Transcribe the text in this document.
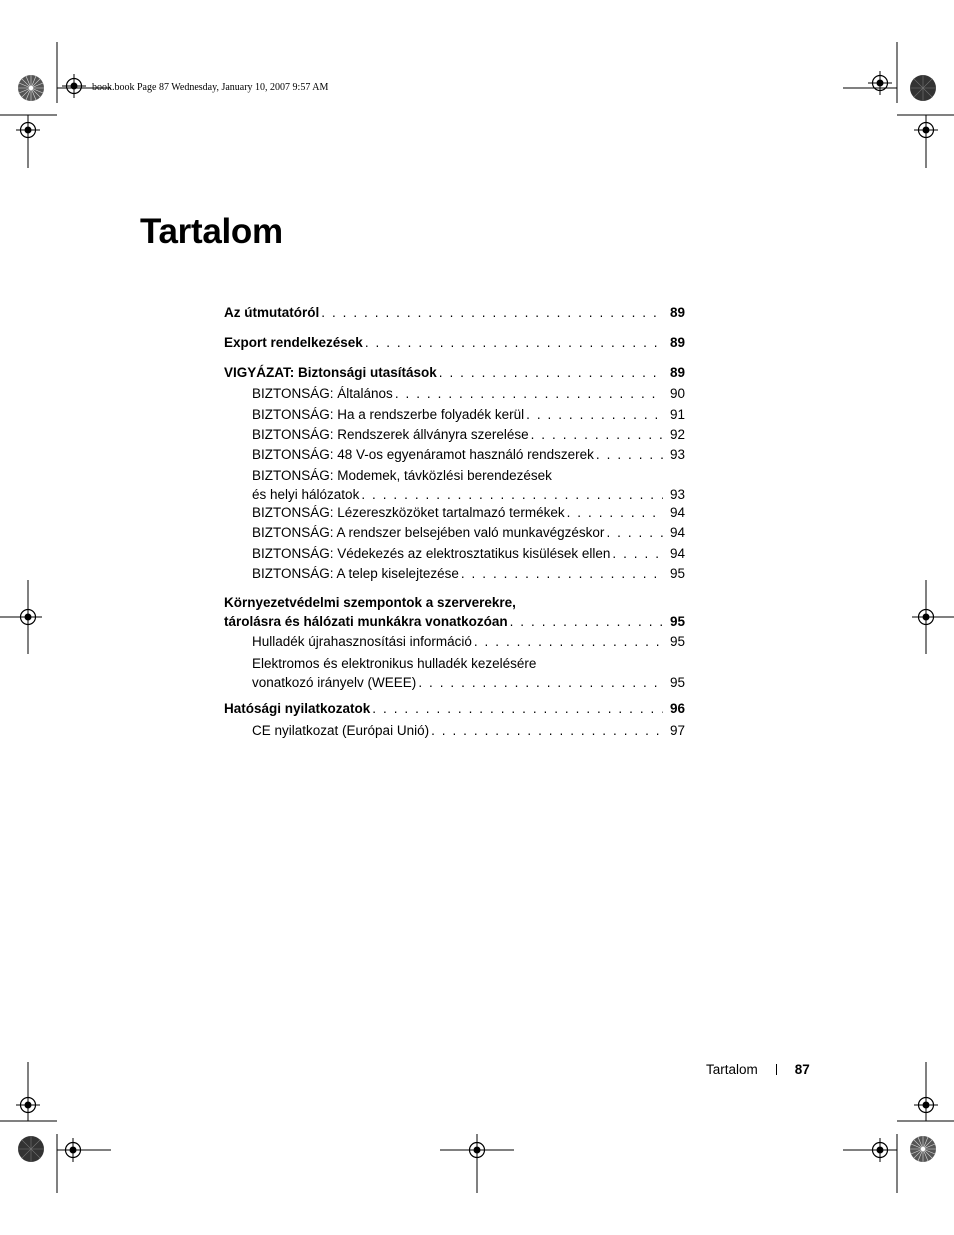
book.book Page 87 Wednesday, January 10, 2007 9:57 AM
Tartalom
Az útmutatóról . . .	89
Export rendelkezések . . .	89
VIGYÁZAT: Biztonsági utasítások . . .	89
BIZTONSÁG: Általános . . .	90
BIZTONSÁG: Ha a rendszerbe folyadék kerül . . .	91
BIZTONSÁG: Rendszerek állványra szerelése . . .	92
BIZTONSÁG: 48 V-os egyenáramot használó rendszerek . . .	93
BIZTONSÁG: Modemek, távközlési berendezések
és helyi hálózatok . . .	93
BIZTONSÁG: Lézereszközöket tartalmazó termékek . . .	94
BIZTONSÁG: A rendszer belsejében való munkavégzéskor . . .	94
BIZTONSÁG: Védekezés az elektrosztatikus kisülések ellen . . .	94
BIZTONSÁG: A telep kiselejtezése . . .	95
Környezetvédelmi szempontok a szerverekre,
tárolásra és hálózati munkákra vonatkozóan . . .	95
Hulladék újrahasznosítási információ . . .	95
Elektromos és elektronikus hulladék kezelésére
vonatkozó irányelv (WEEE) . . .	95
Hatósági nyilatkozatok . . .	96
CE nyilatkozat (Európai Unió) . . .	97
Tartalom	87
